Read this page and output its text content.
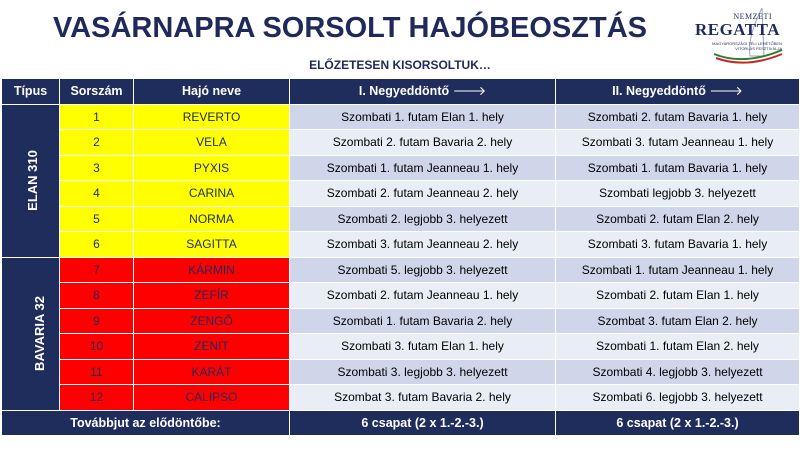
VASÁRNAPRA SORSOLT HAJÓBEOSZTÁS	NEMZETI
REGATTA
MAGYARORSZÁGI TÉLI LEHÉTŐBEN VITORLÁS FESZTIVÁLJA
ELŐZETESEN KISORSOLTUK…
Típus	Sorszám	Hajó neve	I. Negyeddöntő 🡒	II. Negyeddöntő 🡒
ELAN 310	1	REVERTO	Szombati 1. futam Elan 1. hely	Szombati 2. futam Bavaria 1. hely
	2	VELA	Szombati 2. futam Bavaria 2. hely	Szombati 3. futam Jeanneau 1. hely
	3	PYXIS	Szombati 1. futam Jeanneau 1. hely	Szombati 1. futam Bavaria 1. hely
	4	CARINA	Szombati 2. futam Jeanneau 2. hely	Szombati legjobb 3. helyezett
	5	NORMA	Szombati 2. legjobb 3. helyezett	Szombati 2. futam Elan 2. hely
	6	SAGITTA	Szombati 3. futam Jeanneau 2. hely	Szombati 3. futam Bavaria 1. hely
BAVARIA 32	7	KÁRMIN	Szombati 5. legjobb 3. helyezett	Szombati 1. futam Jeanneau 1. hely
	8	ZEFÍR	Szombati 2. futam Jeanneau 1. hely	Szombati 2. futam Elan 1. hely
	9	ZENGŐ	Szombati 1. futam Bavaria 2. hely	Szombat 3. futam Elan 2. hely
	10	ZENIT	Szombati 3. futam Elan 1. hely	Szombati 1. futam Elan 2. hely
	11	KARÁT	Szombati 3. legjobb 3. helyezett	Szombati 4. legjobb 3. helyezett
	12	CALIPSO	Szombat 3. futam Bavaria 2. hely	Szombati 6. legjobb 3. helyezett
Továbbjut az elődöntőbe:			6 csapat (2 x 1.-2.-3.)	6 csapat (2 x 1.-2.-3.)
